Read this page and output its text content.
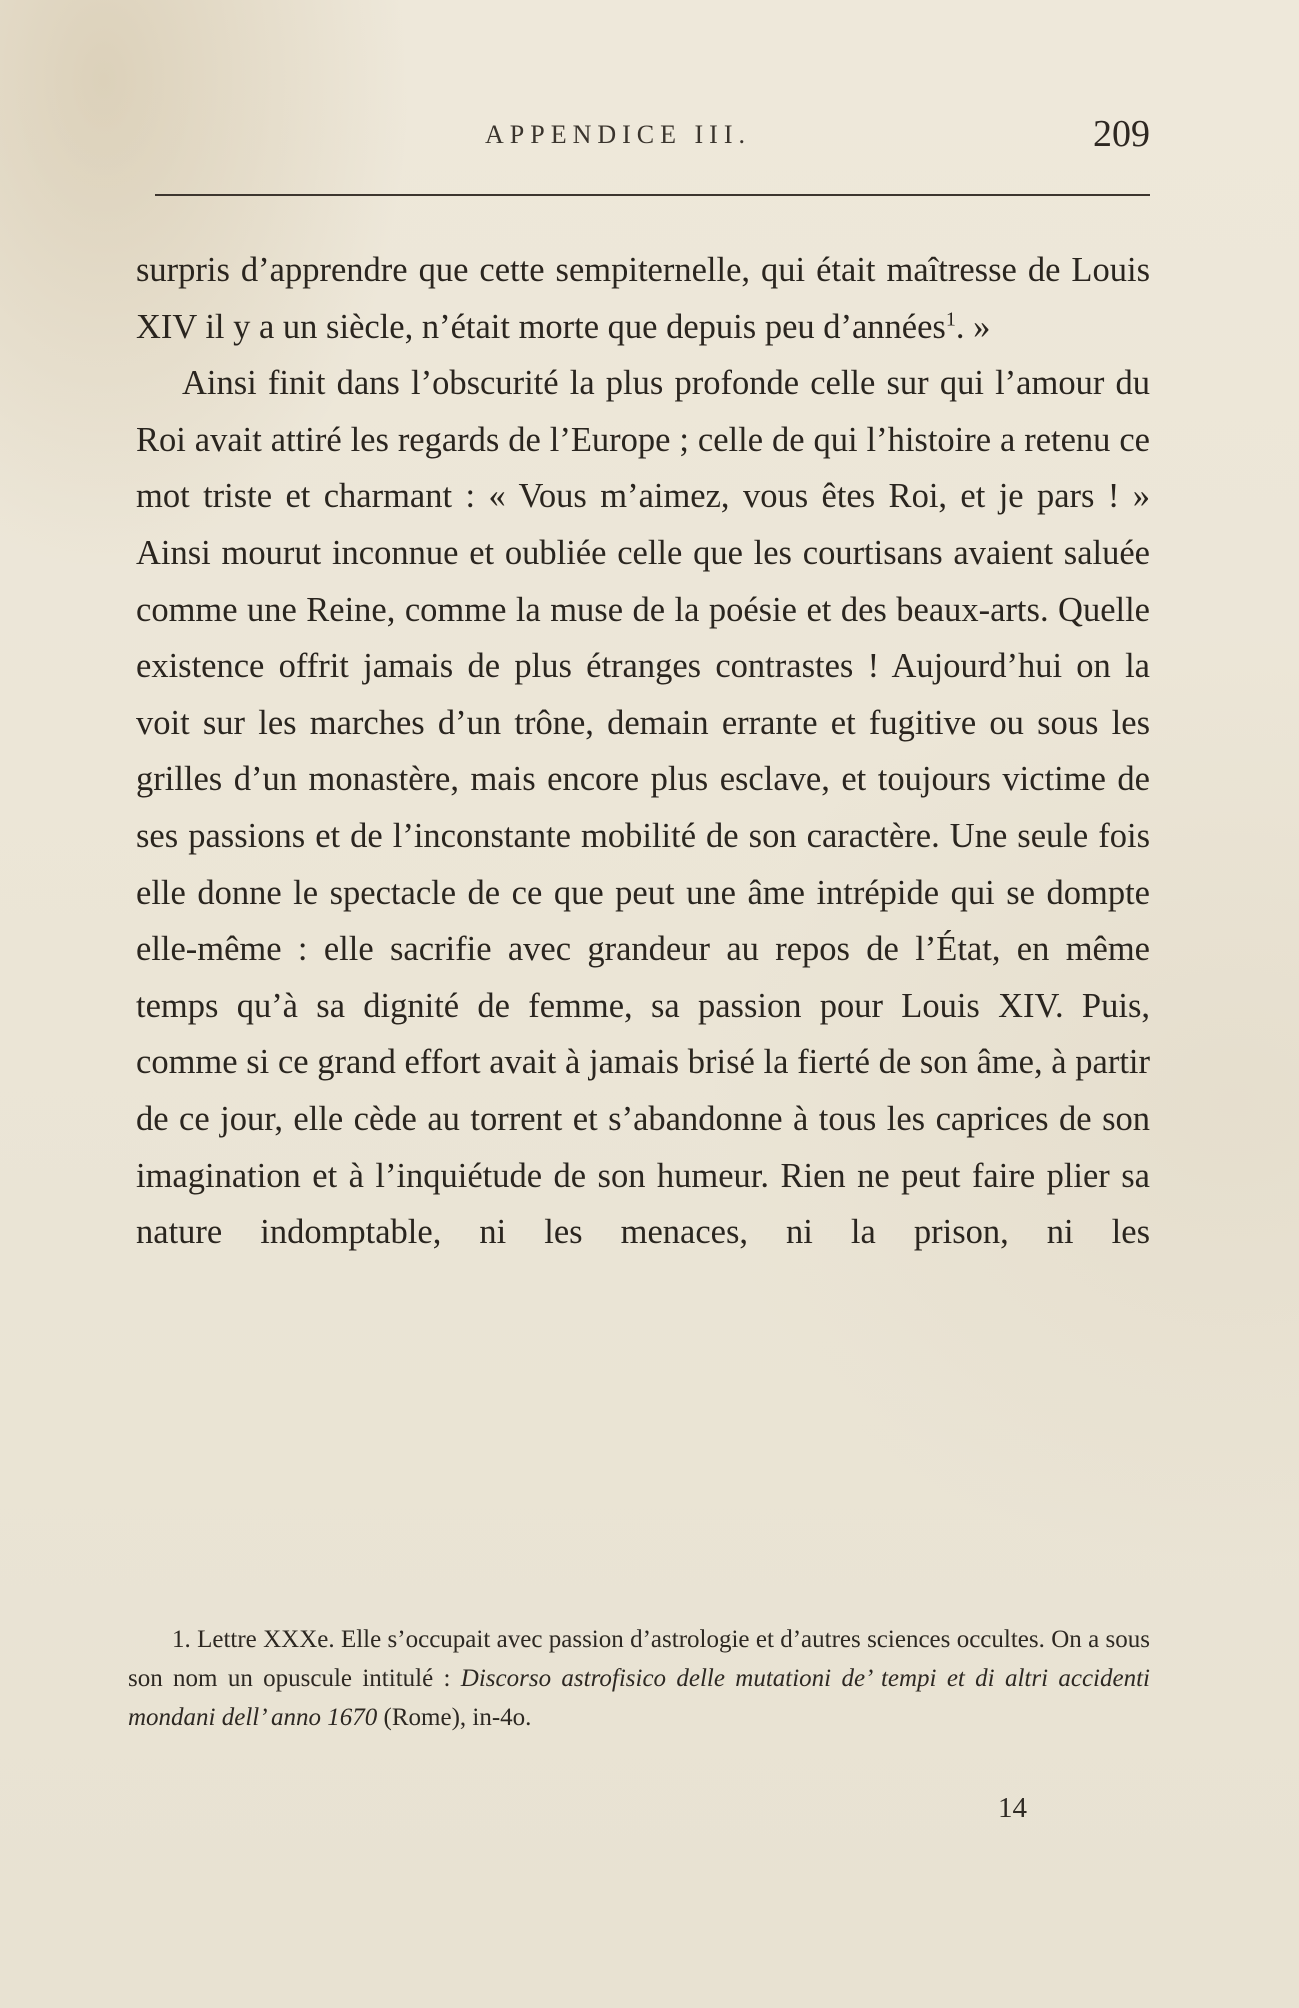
APPENDICE III.	209

surpris d’apprendre que cette sempiternelle, qui était maîtresse de Louis XIV il y a un siècle, n’était morte que depuis peu d’années$^1$. »

Ainsi finit dans l’obscurité la plus profonde celle sur qui l’amour du Roi avait attiré les regards de l’Europe ; celle de qui l’histoire a retenu ce mot triste et charmant : « Vous m’aimez, vous êtes Roi, et je pars ! » Ainsi mourut inconnue et oubliée celle que les courtisans avaient saluée comme une Reine, comme la muse de la poésie et des beaux-arts. Quelle existence offrit jamais de plus étranges contrastes ! Aujourd’hui on la voit sur les marches d’un trône, demain errante et fugitive ou sous les grilles d’un monastère, mais encore plus esclave, et toujours victime de ses passions et de l’inconstante mobilité de son caractère. Une seule fois elle donne le spectacle de ce que peut une âme intrépide qui se dompte elle-même : elle sacrifie avec grandeur au repos de l’État, en même temps qu’à sa dignité de femme, sa passion pour Louis XIV. Puis, comme si ce grand effort avait à jamais brisé la fierté de son âme, à partir de ce jour, elle cède au torrent et s’abandonne à tous les caprices de son imagination et à l’inquiétude de son humeur. Rien ne peut faire plier sa nature indomptable, ni les menaces, ni la prison, ni les

1. Lettre XXXe. Elle s’occupait avec passion d’astrologie et d’autres sciences occultes. On a sous son nom un opuscule intitulé : Discorso astrofisico delle mutationi de’ tempi et di altri accidenti mondani dell’ anno 1670 (Rome), in-4o.

14
